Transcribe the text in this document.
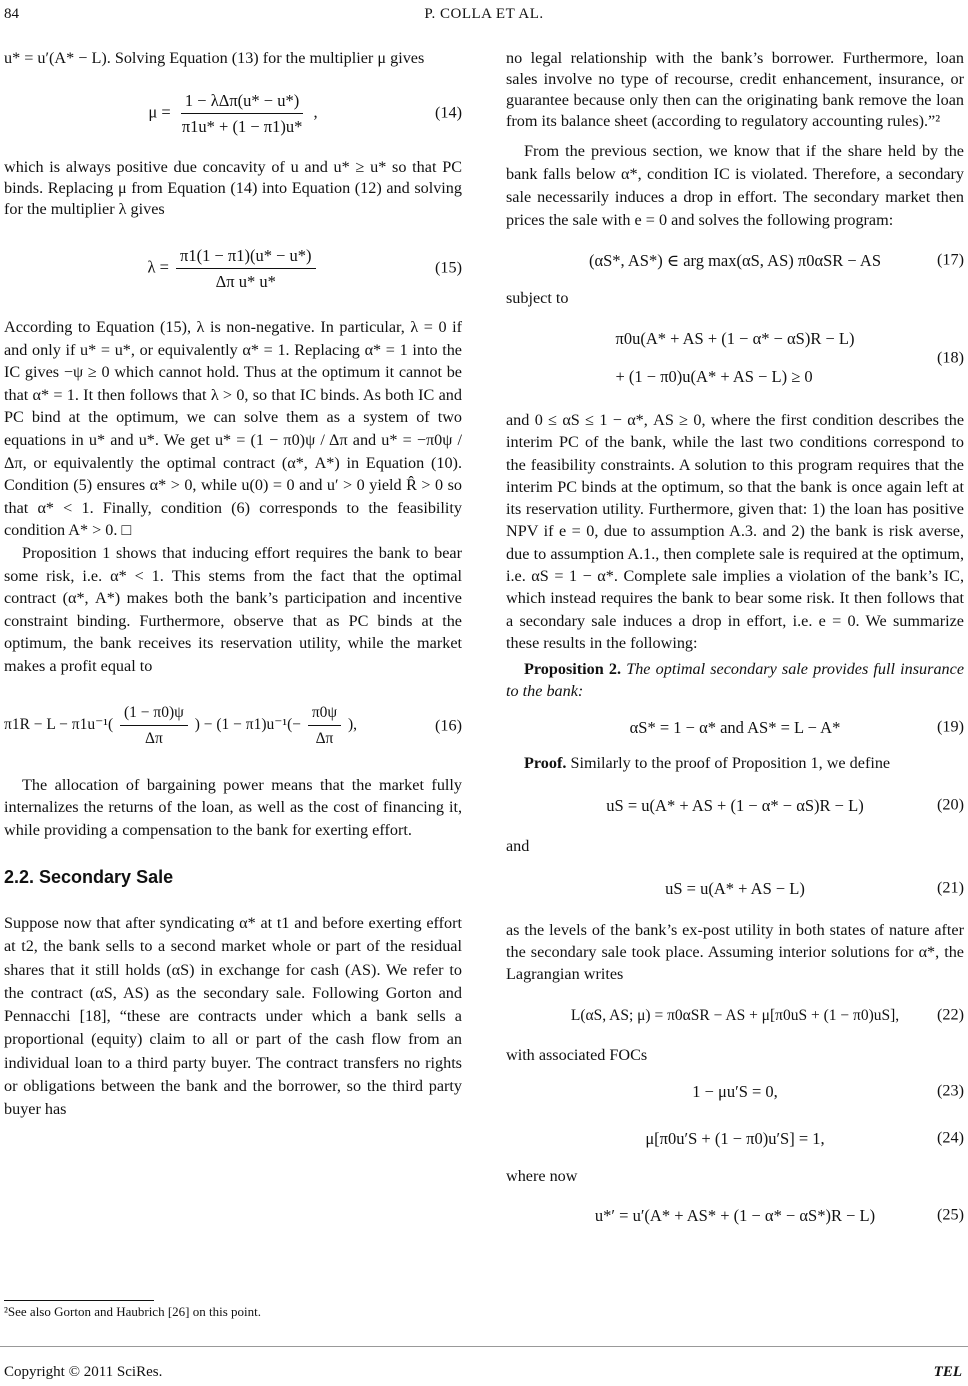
84	P. COLLA ET AL.

u* = u′(A* − L). Solving Equation (13) for the multiplier μ gives

$\mu = \frac{\text{1 − λΔπ(u* − u*)}}{\pi 1u* + (1 - \pi 1)u*}$ ,	(14)

which is always positive due concavity of u and u* ≥ u* so that PC binds. Replacing μ from Equation (14) into Equation (12) and solving for the multiplier λ gives

$\lambda = \frac{\pi 1(1 - \pi 1)(u* - u*)}{\text{Δπ u* u*}}$	(15)

According to Equation (15), λ is non-negative. In particular, λ = 0 if and only if u* = u*, or equivalently α* = 1. Replacing α* = 1 into the IC gives −ψ ≥ 0 which cannot hold. Thus at the optimum it cannot be that α* = 1. It then follows that λ > 0, so that IC binds. As both IC and PC bind at the optimum, we can solve them as a system of two equations in u* and u*. We get u* = (1 − π0)ψ / Δπ and u* = −π0ψ / Δπ, or equivalently the optimal contract (α*, A*) in Equation (10). Condition (5) ensures α* > 0, while u(0) = 0 and u′ > 0 yield R̂ > 0 so that α* < 1. Finally, condition (6) corresponds to the feasibility condition A* > 0. □

Proposition 1 shows that inducing effort requires the bank to bear some risk, i.e. α* < 1. This stems from the fact that the optimal contract (α*, A*) makes both the bank’s participation and incentive constraint binding. Furthermore, observe that as PC binds at the optimum, the bank receives its reservation utility, while the market makes a profit equal to

$\pi 1R - L - \pi 1u^{-1}( \frac{(1 - \pi 0)\psi}{\Delta\pi}$ ) − $(1 - \pi 1)u^{-1}(- \frac{\pi 0\psi}{\Delta\pi}$ ),	(16)

The allocation of bargaining power means that the market fully internalizes the returns of the loan, as well as the cost of financing it, while providing a compensation to the bank for exerting effort.

2.2. Secondary Sale

Suppose now that after syndicating α* at t1 and before exerting effort at t2, the bank sells to a second market whole or part of the residual shares that it still holds (αS) in exchange for cash (AS). We refer to the contract (αS, AS) as the secondary sale. Following Gorton and Pennacchi [18], “these are contracts under which a bank sells a proportional (equity) claim to all or part of the cash flow from an individual loan to a third party buyer. The contract transfers no rights or obligations between the bank and the borrower, so the third party buyer has

no legal relationship with the bank’s borrower. Furthermore, loan sales involve no type of recourse, credit enhancement, insurance, or guarantee because only then can the originating bank remove the loan from its balance sheet (according to regulatory accounting rules).”²

From the previous section, we know that if the share held by the bank falls below α*, condition IC is violated. Therefore, a secondary sale necessarily induces a drop in effort. The secondary market then prices the sale with e = 0 and solves the following program:

(αS*, AS*) ∈ arg max(αS, AS) π0αSR − AS	(17)

subject to

π0u(A* + AS + (1 − α* − αS)R − L)
+ (1 − π0)u(A* + AS − L) ≥ 0
(18)

and 0 ≤ αS ≤ 1 − α*, AS ≥ 0, where the first condition describes the interim PC of the bank, while the last two conditions correspond to the feasibility constraints. A solution to this program requires that the interim PC binds at the optimum, so that the bank is once again left at its reservation utility. Furthermore, given that: 1) the loan has positive NPV if e = 0, due to assumption A.3. and 2) the bank is risk averse, due to assumption A.1., then complete sale is required at the optimum, i.e. αS = 1 − α*. Complete sale implies a violation of the bank’s IC, which instead requires the bank to bear some risk. It then follows that a secondary sale induces a drop in effort, i.e. e = 0. We summarize these results in the following:

Proposition 2. The optimal secondary sale provides full insurance to the bank:

αS* = 1 − α* and AS* = L − A*	(19)

Proof. Similarly to the proof of Proposition 1, we define

uS = u(A* + AS + (1 − α* − αS)R − L)	(20)

and

uS = u(A* + AS − L)	(21)

as the levels of the bank’s ex-post utility in both states of nature after the secondary sale took place. Assuming interior solutions for α*, the Lagrangian writes

L(αS, AS; μ) = π0αSR − AS + μ[π0uS + (1 − π0)uS], (22)

with associated FOCs

1 − μu′S = 0,	(23)
μ[π0u′S + (1 − π0)u′S] = 1,	(24)

where now

u*′ = u′(A* + AS* + (1 − α* − αS*)R − L)	(25)
²See also Gorton and Haubrich [26] on this point.
Copyright © 2011 SciRes.	TEL
